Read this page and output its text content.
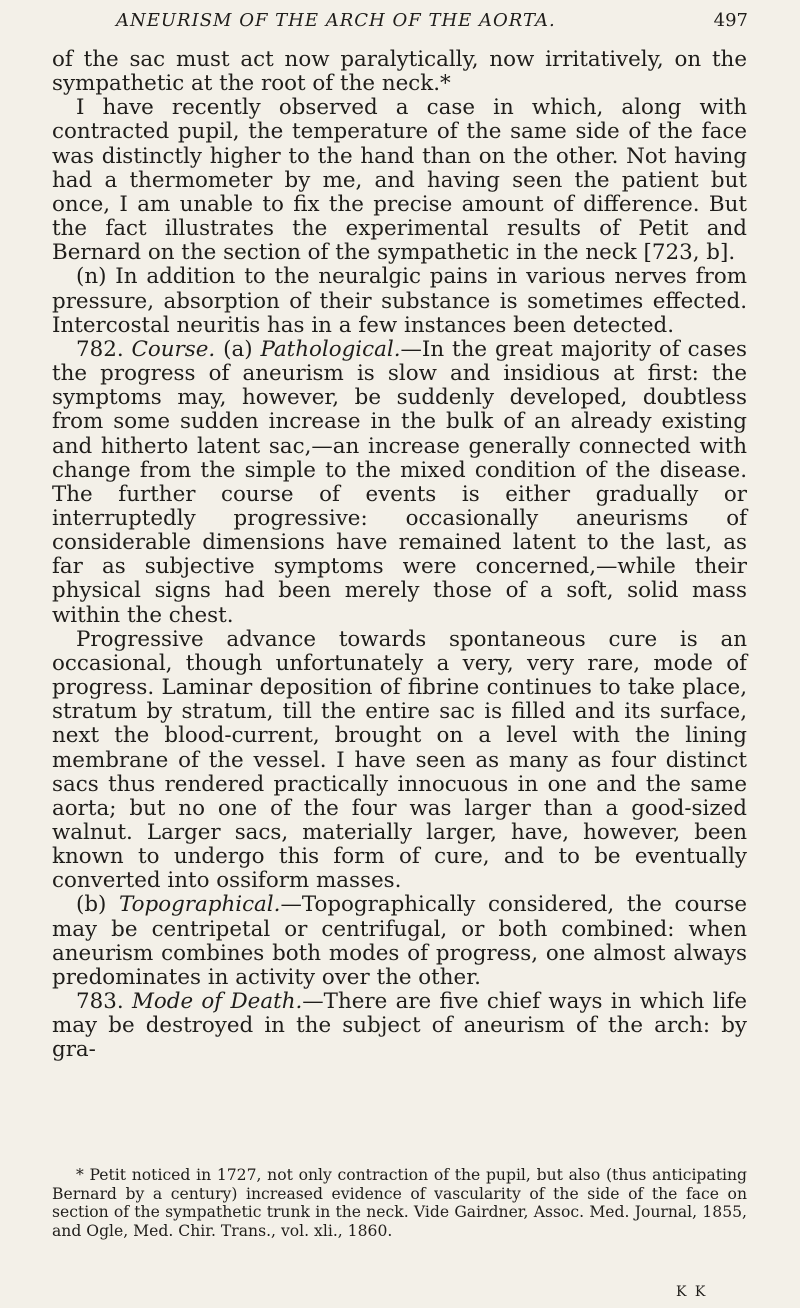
ANEURISM OF THE ARCH OF THE AORTA.	497

of the sac must act now paralytically, now irritatively, on the sympathetic at the root of the neck.*

I have recently observed a case in which, along with contracted pupil, the temperature of the same side of the face was distinctly higher to the hand than on the other. Not having had a thermometer by me, and having seen the patient but once, I am unable to fix the precise amount of difference. But the fact illustrates the experimental results of Petit and Bernard on the section of the sympathetic in the neck [723, b].

(n) In addition to the neuralgic pains in various nerves from pressure, absorption of their substance is sometimes effected. Intercostal neuritis has in a few instances been detected.

782. Course. (a) Pathological.—In the great majority of cases the progress of aneurism is slow and insidious at first: the symptoms may, however, be suddenly developed, doubtless from some sudden increase in the bulk of an already existing and hitherto latent sac,—an increase generally connected with change from the simple to the mixed condition of the disease. The further course of events is either gradually or interruptedly progressive: occasionally aneurisms of considerable dimensions have remained latent to the last, as far as subjective symptoms were concerned,—while their physical signs had been merely those of a soft, solid mass within the chest.

Progressive advance towards spontaneous cure is an occasional, though unfortunately a very, very rare, mode of progress. Laminar deposition of fibrine continues to take place, stratum by stratum, till the entire sac is filled and its surface, next the blood-current, brought on a level with the lining membrane of the vessel. I have seen as many as four distinct sacs thus rendered practically innocuous in one and the same aorta; but no one of the four was larger than a good-sized walnut. Larger sacs, materially larger, have, however, been known to undergo this form of cure, and to be eventually converted into ossiform masses.

(b) Topographical.—Topographically considered, the course may be centripetal or centrifugal, or both combined: when aneurism combines both modes of progress, one almost always predominates in activity over the other.

783. Mode of Death.—There are five chief ways in which life may be destroyed in the subject of aneurism of the arch: by gra-

* Petit noticed in 1727, not only contraction of the pupil, but also (thus anticipating Bernard by a century) increased evidence of vascularity of the side of the face on section of the sympathetic trunk in the neck. Vide Gairdner, Assoc. Med. Journal, 1855, and Ogle, Med. Chir. Trans., vol. xli., 1860.
K K
